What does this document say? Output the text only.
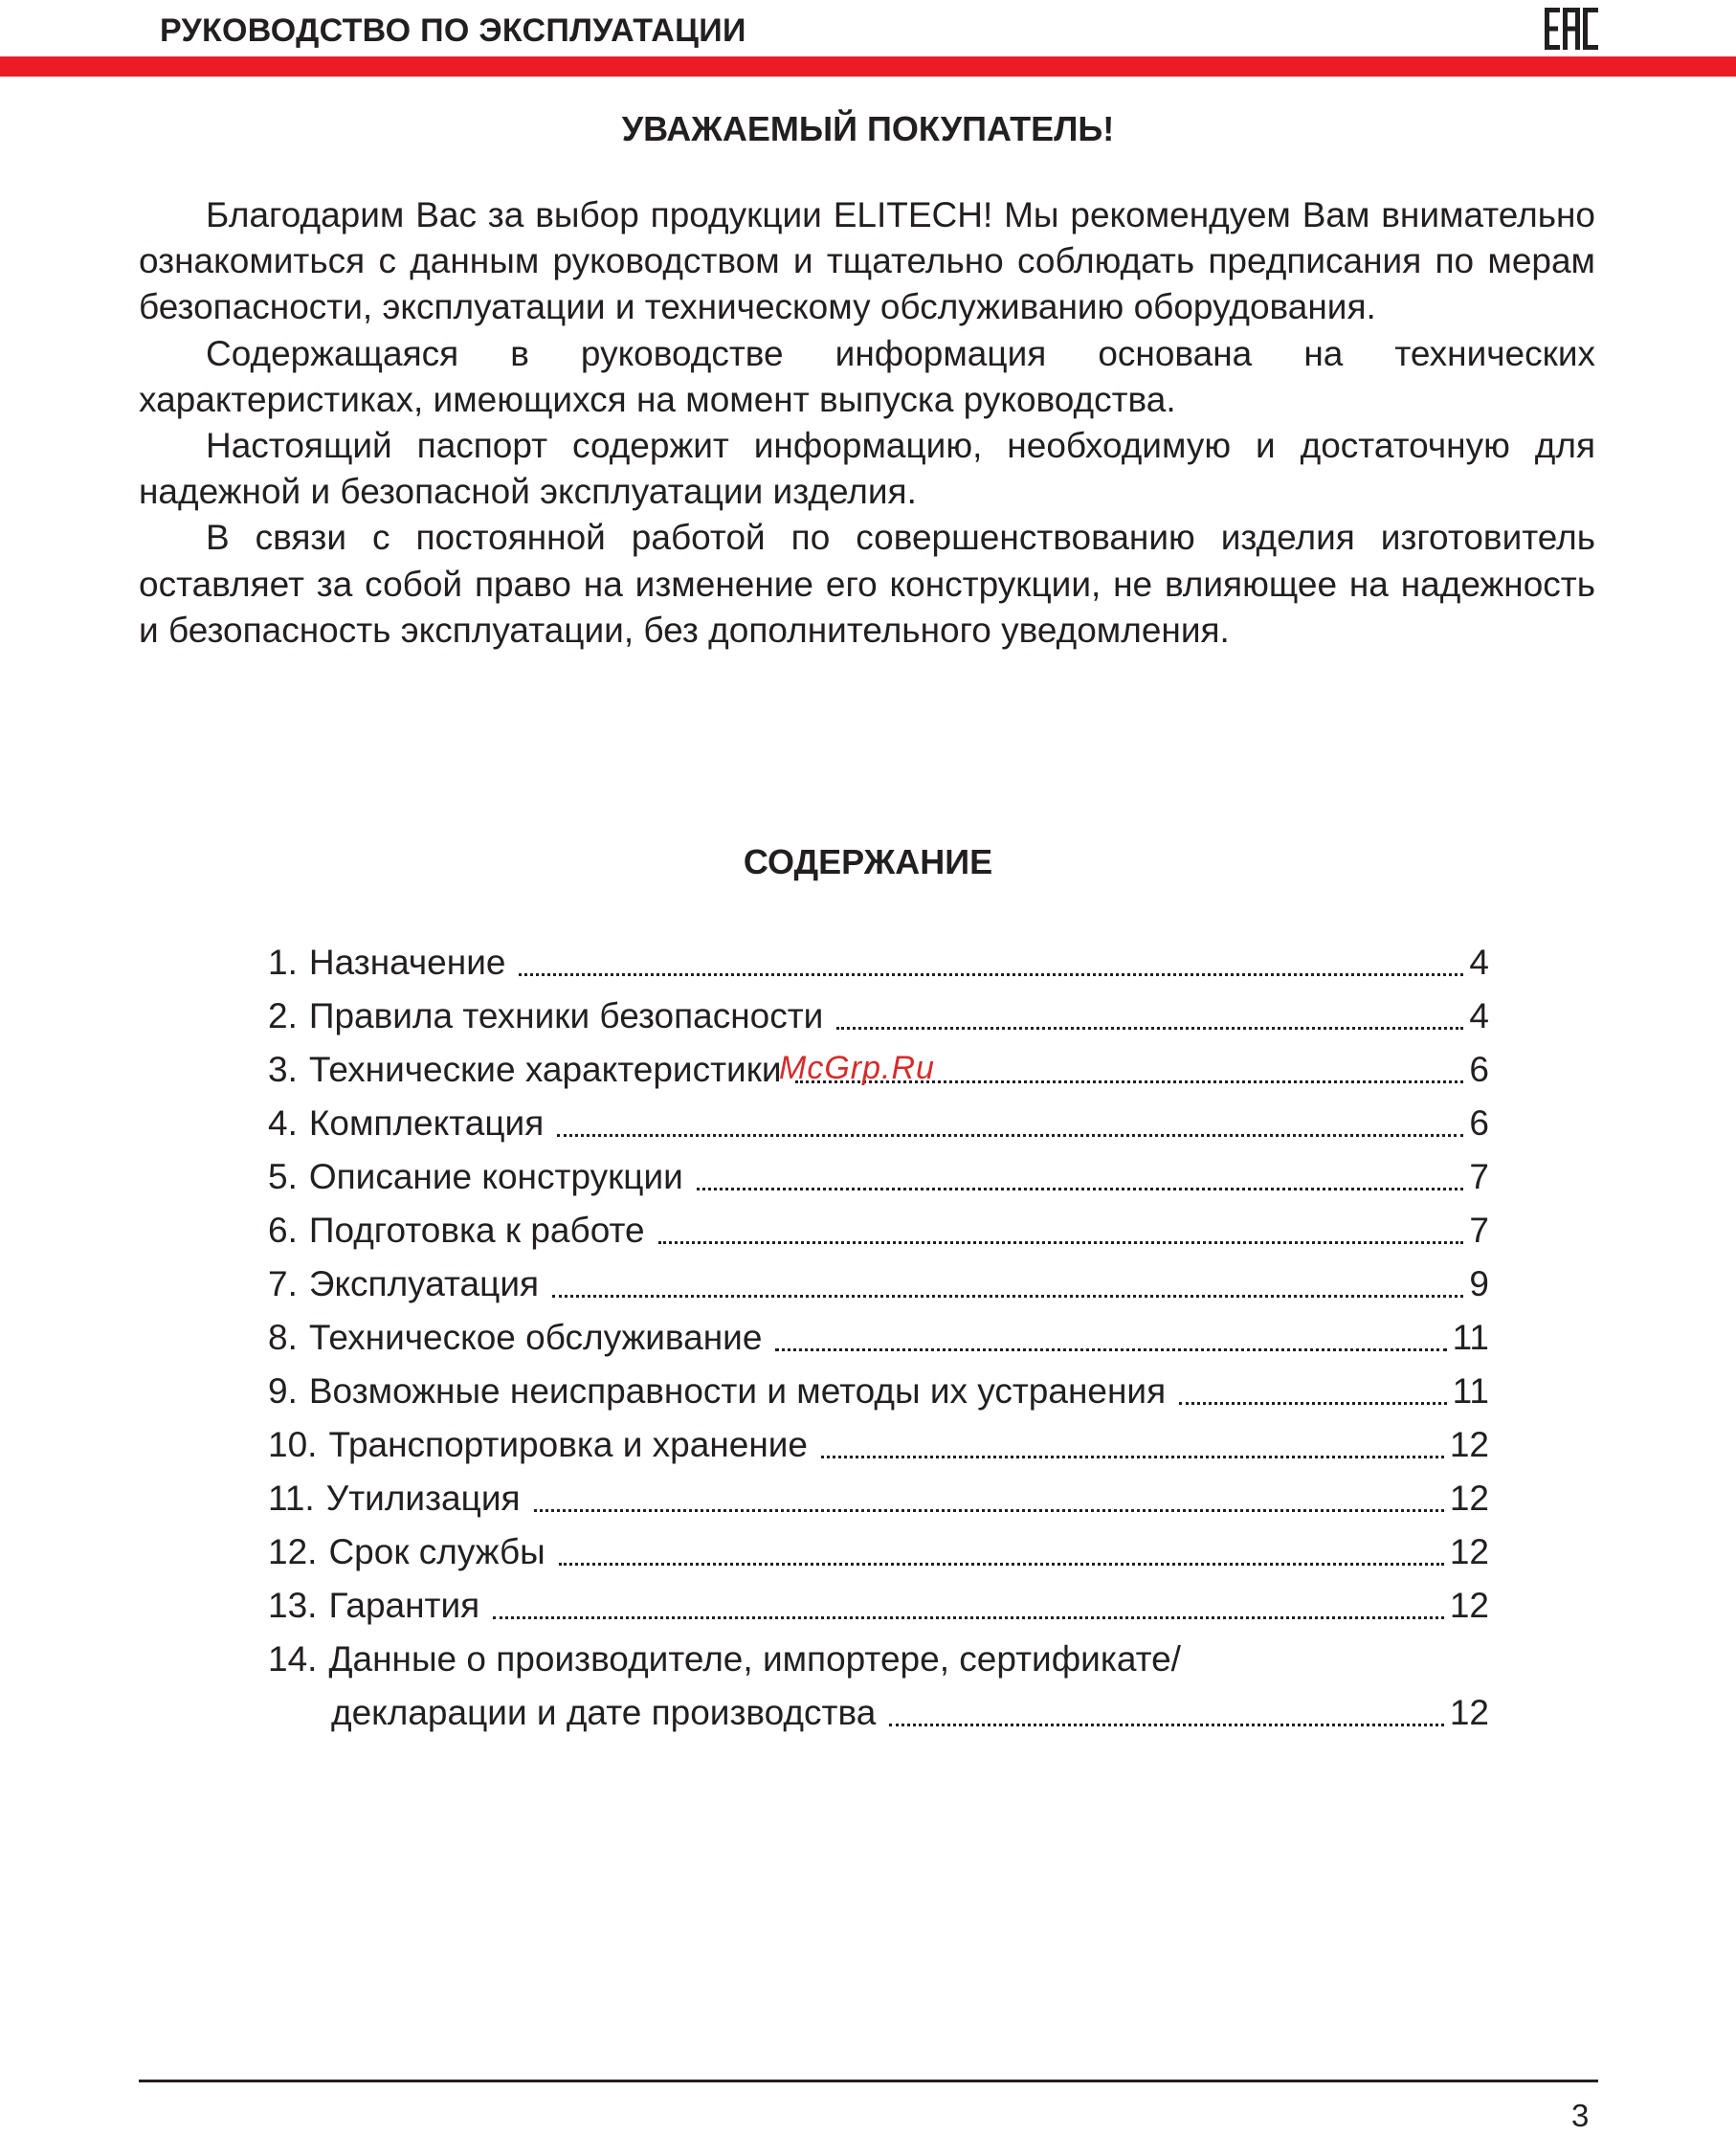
РУКОВОДСТВО ПО ЭКСПЛУАТАЦИИ
УВАЖАЕМЫЙ ПОКУПАТЕЛЬ!

Благодарим Вас за выбор продукции ELITECH! Мы рекомендуем Вам внимательно ознакомиться с данным руководством и тщательно соблюдать предписания по мерам безопасности, эксплуатации и техническому обслуживанию оборудования.

Содержащаяся в руководстве информация основана на технических характеристиках, имеющихся на момент выпуска руководства.

Настоящий паспорт содержит информацию, необходимую и достаточную для надежной и безопасной эксплуатации изделия.

В связи с постоянной работой по совершенствованию изделия изготовитель оставляет за собой право на изменение его конструкции, не влияющее на надежность и безопасность эксплуатации, без дополнительного уведомления.

СОДЕРЖАНИЕ
1. Назначение	4
2. Правила техники безопасности	4
3. Технические характеристики	6
4. Комплектация	6
5. Описание конструкции	7
6. Подготовка к работе	7
7. Эксплуатация	9
8. Техническое обслуживание	11
9. Возможные неисправности и методы их устранения	11
10. Транспортировка и хранение	12
11. Утилизация	12
12. Срок службы	12
13. Гарантия	12
14. Данные о производителе, импортере, сертификате/
декларации и дате производства	12
McGrp.Ru
3
